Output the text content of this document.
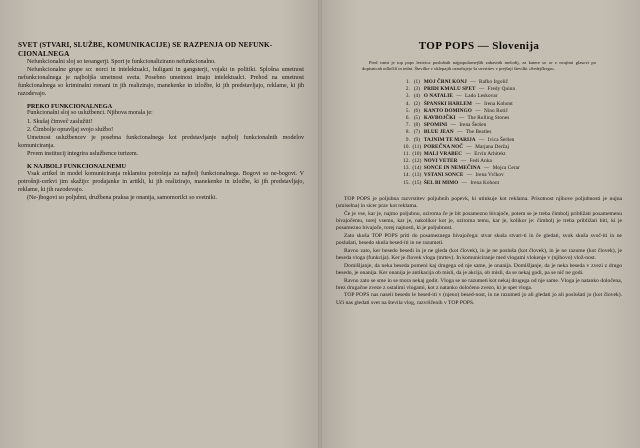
SVET (STVARI, SLUŽBE, KOMUNIKACIJE) SE RAZPENJA OD NEFUNK-CIONALNEGA

Nefunkcionalni sloj so teoangerji. Sport je funkcionalizirano nefunkcionalno.

Nefunkcionalne grupe so: norci in intelektualci, huligani in gangsterji, vojaki in politiki. Splošna umetnost nefunkcionalnega je najboljša umetnost sveta. Posebno umetnost imajo intelektualci. Prehod na umetnost funkcionalnega so kriminalni romani in jih realizirajo, manekenke in izložbe, ki jih predstavljajo, reklame, ki jih razodevajo.

PREKO FUNKCIONALNEGA

Funkcionalni sloj so uslužbenci. Njihova morala je:

1. Skušaj čimveč zaslužiti!

2. Čimbolje opravljaj svojo službo!

Umetnost uslužbencev je posebna funkcionalnega kot predstavljanje najbolj funkcionalnih modelov komuniciranja.

Prvem institucij integrira uslužbence turizem.

K NAJBOLJ FUNKCIONALNEMU

Vsak artikel in model komuniciranja reklamira potrošnja za najbolj funkcionalnega. Bogovi so ne-bogovi. V potrošnji-cerkvi jim skažijo: prodajanke in artikli, ki jih realizirajo, manekenke in izložbe, ki jih predstavljajo, reklame, ki jih razodevajo.

(Ne-)bogovi so poljubni, družbena praksa je onanija, samomorilci so svetniki.

TOP POPS — Slovenija

Pred vami je top pops lestvica poslušnih najpopularnejših zabavnih melodij, za katere so se z nvajimi glasovi po dopisnicah odločili in tedni. Številke v oklepajih označujejo ša uvrstitev v prejšnji številki »Sedejčkega«.

1. (1) MOJ ČRNI KONJ — Rafko Irgolič
2. (3) PRIDI KMALU SPET — Fredy Quinn
3. (4) O NATALIE — Lado Leskovar
4. (2) ŠPANSKI HARLEM — Irena Kohont
5. (6) KANTO DOMINGO — Nino Rotič
6. (5) KAVBOJČKI — The Rolling Stones
7. (8) SPOMINI — Irena Šeršen
8. (7) BLUE JEAN — The Beatles
9. (9) TAJNIM TE MARIJA — Ivica Šeršen
10. (11) POREČNA NOČ — Marjana Deržaj
11. (10) MALI VRABEC — Ervin Arhitekt
12. (12) NOVI VETER — Fedi Anka
13. (14) SONCE IN NEMEČINA — Mojca Cerar
14. (13) VSTANI SONCE — Irena Vrčkov
15. (15) ŠEL BI MIMO — Irena Kohont

TOP POPS je poljubna razvrstitev poljubnih popevk, ki utinkuje kot reklama. Prisotnost njihove poljubnosti je nujna (smiselna) in sicer prav kot reklama.

Če je vse, kar je, najmo poljubno, oziroma če je bit posamezno bivajoče, potem se je treba čimbolj približati posamemenu bivajočemu, torej vsemu, kar je, nakolikor kot je, oziroma temu, kar je, kolikor je: čimbolj je treba približati biti, ki je posamezno bivajoče, torej najnosti, ki je poljubnost.

Zato skuša TOP POPS priti do posameznega bivajočega: stvar skuša stvari-ti in če gledati, svok skuša svoč-iti in ne poslušati, besedo skuša besed-iti in ne razumeti.

Ravno zato, ker besedo besedi in je ne gleda (kot človek), in je ne posluša (kot človek), in je ne razume (kot človek), je beseda vloga (funkcija). Ker je človek vloga (mrtev). In komuniciranje med vlogami vlokenje v (njihovo) vlož-nost.

Domišljanje, da neka beseda pomeni kaj drugega od nje same, je onanija. Domišljanje, da je neka beseda v zvezi z drugo besedo, je onanija. Ker onanija je antikacija ob misli, da je akcija, ob misli, da se nekaj godi, pa se nič ne godi.

Ravno zato se sme in se mora nekaj godit. Vloga se ne razumeti kot nekaj drugega od nje same. Vloga je natanko določena, brez drugačne zveze z ostalimi vlogami, kot z natanko določeno zvezo, ki je spet vloga.

TOP POPS nas naseli besedo le besed-iti v (njeno) besed-nost, in ne razumeti jo ali gledati jo ali poslušati jo (kot človek). Uči nas gledati svet na števila vlog, razvrščenih v TOP POPS.
